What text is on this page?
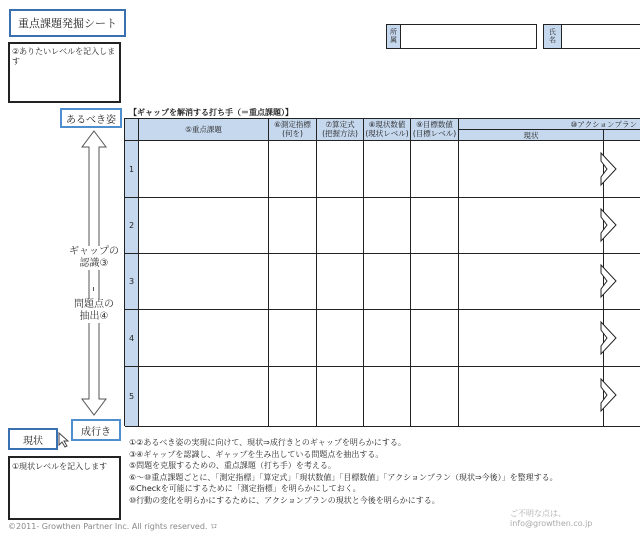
重点課題発掘シート
所
属
氏
名
②ありたいレベルを記入します
あるべき姿
ギャップの
認識③
問題点の
抽出④
成行き
現状
①現状レベルを記入します
【ギャップを解消する打ち手（＝重点課題）】
⑤重点課題
⑥測定指標
(何を)
⑦算定式
(把握方法)
⑧現状数値
(現状レベル)
⑨目標数値
(目標レベル)
⑩アクションプラン
現状
1
2
3
4
5
①②あるべき姿の実現に向けて、現状⇒成行きとのギャップを明らかにする。
③④ギャップを認識し、ギャップを生み出している問題点を抽出する。
⑤問題を克服するための、重点課題（打ち手）を考える。
⑥～⑩重点課題ごとに、「測定指標」「算定式」「現状数値」「目標数値」「アクションプラン（現状⇒今後）」を整理する。
⑥Checkを可能にするために「測定指標」を明らかにしておく。
⑩行動の変化を明らかにするために、アクションプランの現状と今後を明らかにする。
ご不明な点は、info@growthen.co.jp
©2011- Growthen Partner Inc. All rights reserved. ロ
